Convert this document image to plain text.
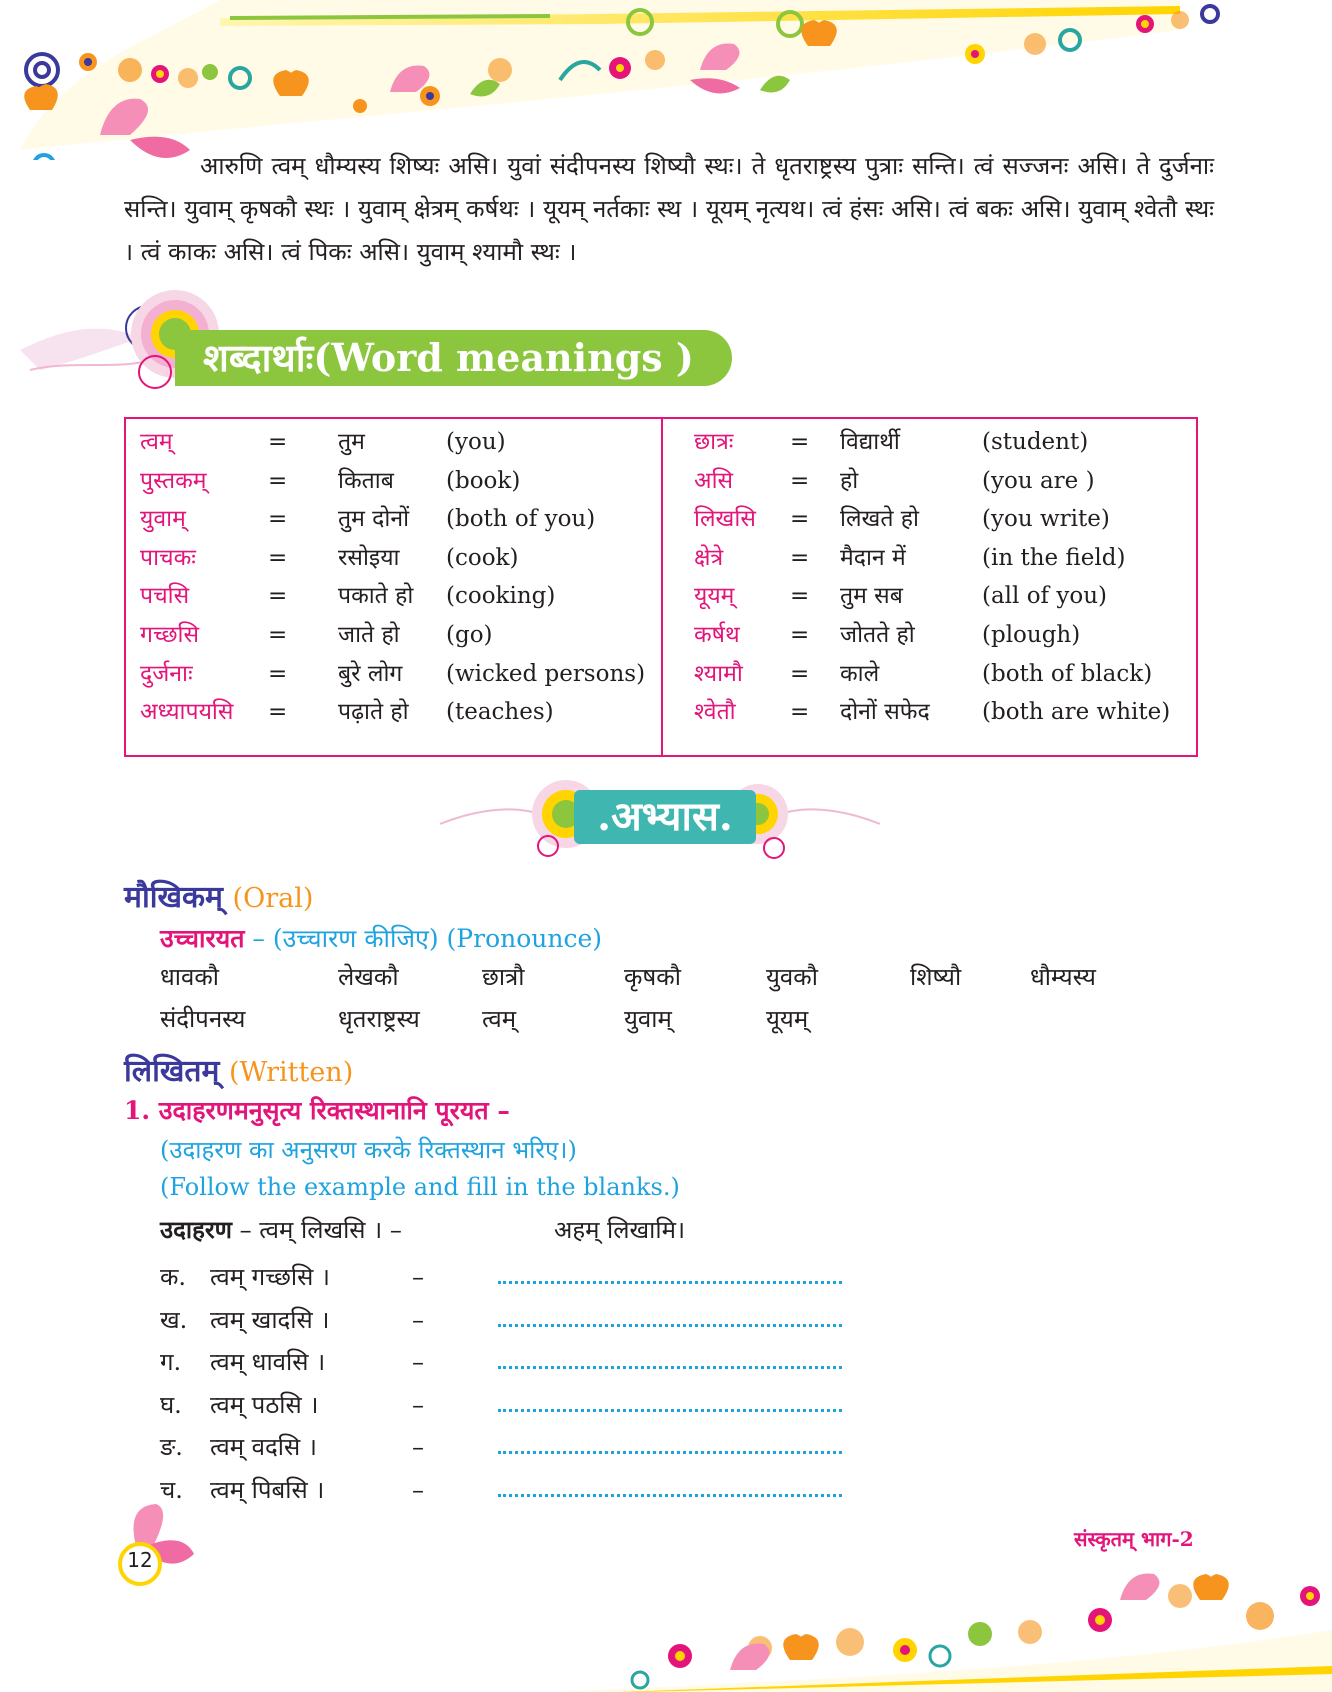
आरुणि त्वम् धौम्यस्य शिष्यः असि। युवां संदीपनस्य शिष्यौ स्थः। ते धृतराष्ट्रस्य पुत्राः सन्ति। त्वं सज्जनः असि। ते दुर्जनाः सन्ति। युवाम् कृषकौ स्थः । युवाम् क्षेत्रम् कर्षथः । यूयम् नर्तकाः स्थ । यूयम् नृत्यथ। त्वं हंसः असि। त्वं बकः असि। युवाम् श्वेतौ स्थः । त्वं काकः असि। त्वं पिकः असि। युवाम् श्यामौ स्थः ।

शब्दार्थाः(Word meanings )
त्वम्	= तुम	(you)
पुस्तकम्	= किताब (book)
युवाम्	= तुम दोनों (both of you)
पाचकः	= रसोइया (cook)
पचसि	= पकाते हो (cooking)
गच्छसि	= जाते हो (go)
दुर्जनाः	= बुरे लोग (wicked persons)
अध्यापयसि = पढ़ाते हो (teaches)
छात्रः = विद्यार्थी	(student)
असि = हो	(you are )
लिखसि = लिखते हो	(you write)
क्षेत्रे	= मैदान में	(in the field)
यूयम् = तुम सब	(all of you)
कर्षथ = जोतते हो	(plough)
श्यामौ = काले	(both of black)
श्वेतौ = दोनों सफेद (both are white)
.अभ्यास.
मौखिकम् (Oral)
उच्चारयत – (उच्चारण कीजिए) (Pronounce)
धावकौ	लेखकौ	छात्रौ	कृषकौ	युवकौ	शिष्यौ	धौम्यस्य
संदीपनस्य	धृतराष्ट्रस्य	त्वम्	युवाम्	यूयम्
लिखितम् (Written)
1. उदाहरणमनुसृत्य रिक्तस्थानानि पूरयत –
(उदाहरण का अनुसरण करके रिक्तस्थान भरिए।)
(Follow the example and fill in the blanks.)
उदाहरण – त्वम् लिखसि । –	अहम् लिखामि।
क. त्वम् गच्छसि ।	–
ख. त्वम् खादसि ।	–
ग. त्वम् धावसि ।	–
घ. त्वम् पठसि ।	–
ङ. त्वम् वदसि ।	–
च. त्वम् पिबसि ।	–
12
संस्कृतम् भाग-2
